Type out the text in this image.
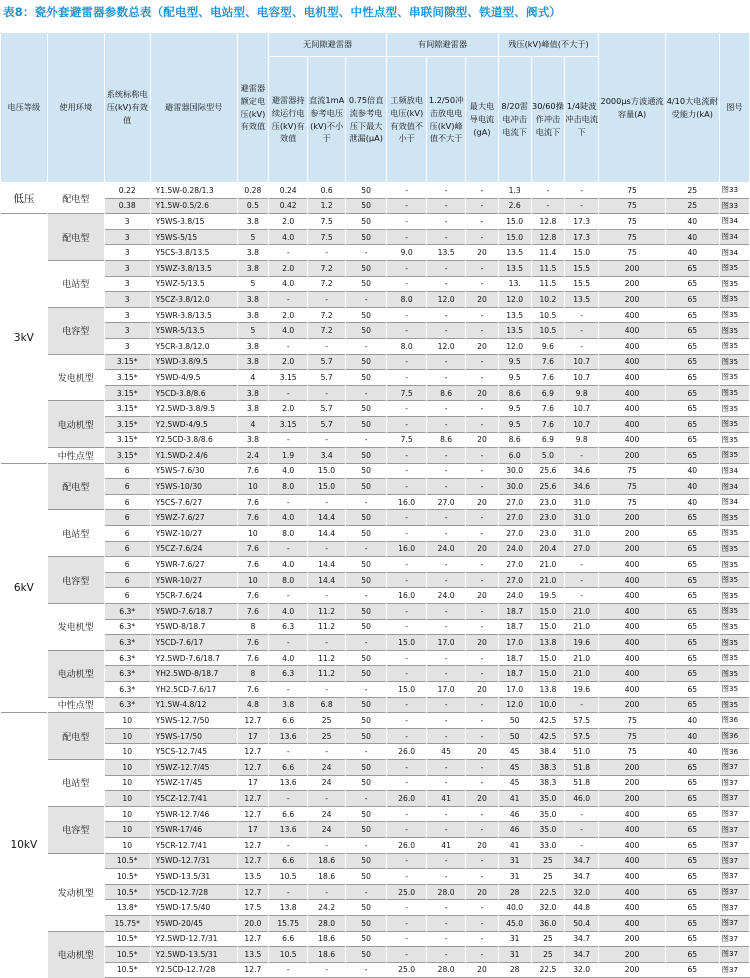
表8：瓷外套避雷器参数总表（配电型、电站型、电容型、电机型、中性点型、串联间隙型、铁道型、阀式）
电压等级	使用环境	系统标称电压(kV)有效值	避雷器国际型号	避雷器额定电压(kV)有效值	无间隙避雷器			有间隙避雷器			残压(kV)峰值(不大于)			2000μs方波通流容量(A)	4/10大电流耐受能力(kA)	图号
					避雷器持续运行电压(kV)有效值	直流1mA参考电压(kV)不小于	0.75倍直流参考电压下最大泄漏(μA)	工频放电电压(kV)有效值不小于	1.2/50冲击放电电压(kV)峰值不大于	最大电导电流(gA)	8/20雷电冲击电流下	30/60操作冲击电流下	1/4陡波冲击电流下			
低压	配电型	0.22	Y1.5W-0.28/1.3	0.28	0.24	0.6	50	-	-	-	1.3	-	-	75	25	图33
		0.38	Y1.5W-0.5/2.6	0.5	0.42	1.2	50	-	-	-	2.6	-	-	75	25	图33
3kV	配电型	3	Y5WS-3.8/15	3.8	2.0	7.5	50	-	-	-	15.0	12.8	17.3	75	40	图34
		3	Y5WS-5/15	5	4.0	7.5	50	-	-	-	15.0	12.8	17.3	75	40	图34
		3	Y5CS-3.8/13.5	3.8	-	-	-	9.0	13.5	20	13.5	11.4	15.0	75	40	图34
	电站型	3	Y5WZ-3.8/13.5	3.8	2.0	7.2	50	-	-	-	13.5	11.5	15.5	200	65	图35
		3	Y5WZ-5/13.5	5	4.0	7.2	50	-	-	-	13.	11.5	15.5	200	65	图35
		3	Y5CZ-3.8/12.0	3.8	-	-	-	8.0	12.0	20	12.0	10.2	13.5	200	65	图35
	电容型	3	Y5WR-3.8/13.5	3.8	2.0	7.2	50	-	-	-	13.5	10.5	-	400	65	图35
		3	Y5WR-5/13.5	5	4.0	7.2	50	-	-	-	13.5	10.5	-	400	65	图35
		3	Y5CR-3.8/12.0	3.8	-	-	-	8.0	12.0	20	12.0	9.6	-	400	65	图35
	发电机型	3.15*	Y5WD-3.8/9.5	3.8	2.0	5.7	50	-	-	-	9.5	7.6	10.7	400	65	图35
		3.15*	Y5WD-4/9.5	4	3.15	5.7	50	-	-	-	9.5	7.6	10.7	400	65	图35
		3.15*	Y5CD-3.8/8.6	3.8	-	-	-	7.5	8.6	20	8.6	6.9	9.8	400	65	图35
	电动机型	3.15*	Y2.5WD-3.8/9.5	3.8	2.0	5.7	50	-	-	-	9.5	7.6	10.7	400	65	图35
		3.15*	Y2.5WD-4/9.5	4	3.15	5.7	50	-	-	-	9.5	7.6	10.7	400	65	图35
		3.15*	Y2.5CD-3.8/8.6	3.8	-	-	-	7.5	8.6	20	8.6	6.9	9.8	400	65	图35
	中性点型	3.15*	Y1.5WD-2.4/6	2.4	1.9	3.4	50	-	-	-	6.0	5.0	-	200	65	图35
6kV	配电型	6	Y5WS-7.6/30	7.6	4.0	15.0	50	-	-	-	30.0	25.6	34.6	75	40	图34
		6	Y5WS-10/30	10	8.0	15.0	50	-	-	-	30.0	25.6	34.6	75	40	图34
		6	Y5CS-7.6/27	7.6	-	-	-	16.0	27.0	20	27.0	23.0	31.0	75	40	图34
	电站型	6	Y5WZ-7.6/27	7.6	4.0	14.4	50	-	-	-	27.0	23.0	31.0	200	65	图35
		6	Y5WZ-10/27	10	8.0	14.4	50	-	-	-	27.0	23.0	31.0	200	65	图35
		6	Y5CZ-7.6/24	7.6	-	-	-	16.0	24.0	20	24.0	20.4	27.0	200	65	图35
	电容型	6	Y5WR-7.6/27	7.6	4.0	14.4	50	-	-	-	27.0	21.0	-	400	65	图35
		6	Y5WR-10/27	10	8.0	14.4	50	-	-	-	27.0	21.0	-	400	65	图35
		6	Y5CR-7.6/24	7.6	-	-	-	16.0	24.0	20	24.0	19.5	-	400	65	图35
	发电机型	6.3*	Y5WD-7.6/18.7	7.6	4.0	11.2	50	-	-	-	18.7	15.0	21.0	400	65	图35
		6.3*	Y5WD-8/18.7	8	6.3	11.2	50	-	-	-	18.7	15.0	21.0	400	65	图35
		6.3*	Y5CD-7.6/17	7.6	-	-	-	15.0	17.0	20	17.0	13.8	19.6	400	65	图35
	电动机型	6.3*	Y2.5WD-7.6/18.7	7.6	4.0	11.2	50	-	-	-	18.7	15.0	21.0	400	65	图35
		6.3*	YH2.5WD-8/18.7	8	6.3	11.2	50	-	-	-	18.7	15.0	21.0	400	65	图35
		6.3*	YH2.5CD-7.6/17	7.6	-	-	-	15.0	17.0	20	17.0	13.8	19.6	400	65	图35
	中性点型	6.3*	Y1.5W-4.8/12	4.8	3.8	6.8	50	-	-	-	12.0	10.0	-	200	65	图35
10kV	配电型	10	Y5WS-12.7/50	12.7	6.6	25	50	-	-	-	50	42.5	57.5	75	40	图36
		10	Y5WS-17/50	17	13.6	25	50	-	-	-	50	42.5	57.5	75	40	图36
		10	Y5CS-12.7/45	12.7	-	-	-	26.0	45	20	45	38.4	51.0	75	40	图36
	电站型	10	Y5WZ-12.7/45	12.7	6.6	24	50	-	-	-	45	38.3	51.8	200	65	图37
		10	Y5WZ-17/45	17	13.6	24	50	-	-	-	45	38.3	51.8	200	65	图37
		10	Y5CZ-12.7/41	12.7	-	-	-	26.0	41	20	41	35.0	46.0	200	65	图37
	电容型	10	Y5WR-12.7/46	12.7	6.6	24	50	-	-	-	46	35.0	-	400	65	图37
		10	Y5WR-17/46	17	13.6	24	50	-	-	-	46	35.0	-	400	65	图37
		10	Y5CR-12.7/41	12.7	-	-	-	26.0	41	20	41	33.0	-	400	65	图37
	发动机型	10.5*	Y5WD-12.7/31	12.7	6.6	18.6	50	-	-	-	31	25	34.7	400	65	图37
		10.5*	Y5WD-13.5/31	13.5	10.5	18.6	50	-	-	-	31	25	34.7	400	65	图37
		10.5*	Y5CD-12.7/28	12.7	-	-	-	25.0	28.0	20	28	22.5	32.0	400	65	图37
		13.8*	Y5WD-17.5/40	17.5	13.8	24.2	50	-	-	-	40.0	32.0	44.8	400	65	图37
		15.75*	Y5WD-20/45	20.0	15.75	28.0	50	-	-	-	45.0	36.0	50.4	400	65	图37
	电动机型	10.5*	Y2.5WD-12.7/31	12.7	6.6	18.6	50	-	-	-	31	25	34.7	200	65	图37
		10.5*	Y2.5WD-13.5/31	13.5	10.5	18.6	50	-	-	-	31	25	34.7	200	65	图37
		10.5*	Y2.5CD-12.7/28	12.7	-	-	-	25.0	28.0	20	28	22.5	32.0	200	65	图37
